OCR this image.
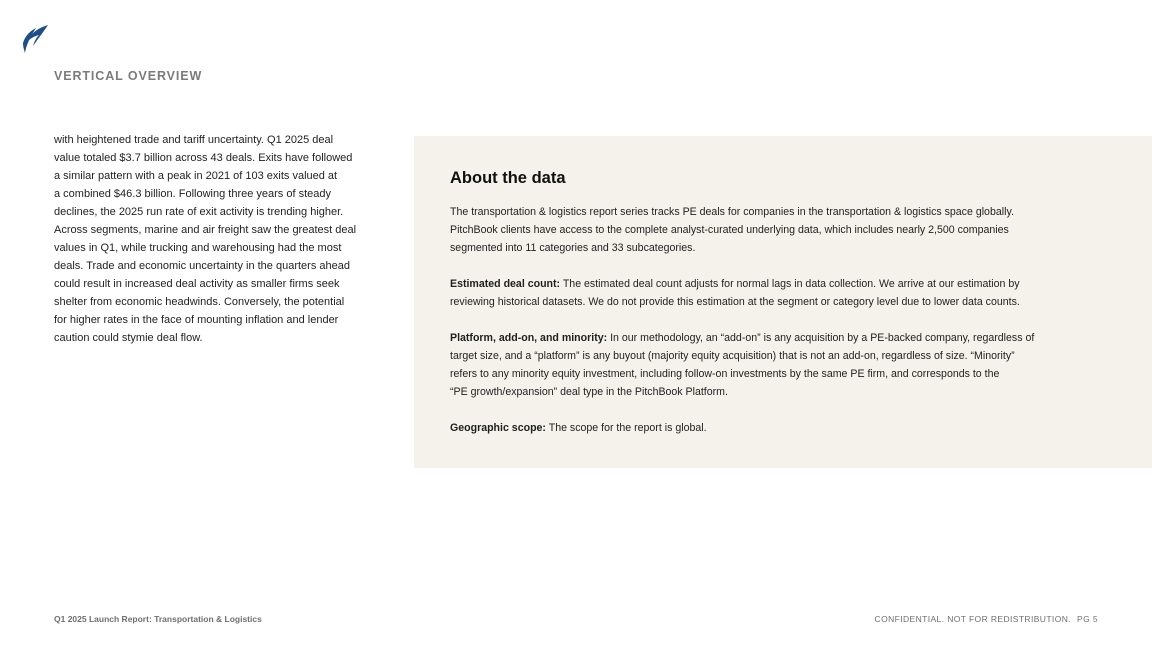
VERTICAL OVERVIEW
with heightened trade and tariff uncertainty. Q1 2025 deal
value totaled $3.7 billion across 43 deals. Exits have followed
a similar pattern with a peak in 2021 of 103 exits valued at
a combined $46.3 billion. Following three years of steady
declines, the 2025 run rate of exit activity is trending higher.
Across segments, marine and air freight saw the greatest deal
values in Q1, while trucking and warehousing had the most
deals. Trade and economic uncertainty in the quarters ahead
could result in increased deal activity as smaller firms seek
shelter from economic headwinds. Conversely, the potential
for higher rates in the face of mounting inflation and lender
caution could stymie deal flow.
About the data
The transportation & logistics report series tracks PE deals for companies in the transportation & logistics space globally.
PitchBook clients have access to the complete analyst-curated underlying data, which includes nearly 2,500 companies
segmented into 11 categories and 33 subcategories.
Estimated deal count: The estimated deal count adjusts for normal lags in data collection. We arrive at our estimation by
reviewing historical datasets. We do not provide this estimation at the segment or category level due to lower data counts.
Platform, add-on, and minority: In our methodology, an “add-on” is any acquisition by a PE-backed company, regardless of
target size, and a “platform” is any buyout (majority equity acquisition) that is not an add-on, regardless of size. “Minority”
refers to any minority equity investment, including follow-on investments by the same PE firm, and corresponds to the
“PE growth/expansion” deal type in the PitchBook Platform.
Geographic scope: The scope for the report is global.
Q1 2025 Launch Report: Transportation & Logistics	CONFIDENTIAL. NOT FOR REDISTRIBUTION. PG 5
